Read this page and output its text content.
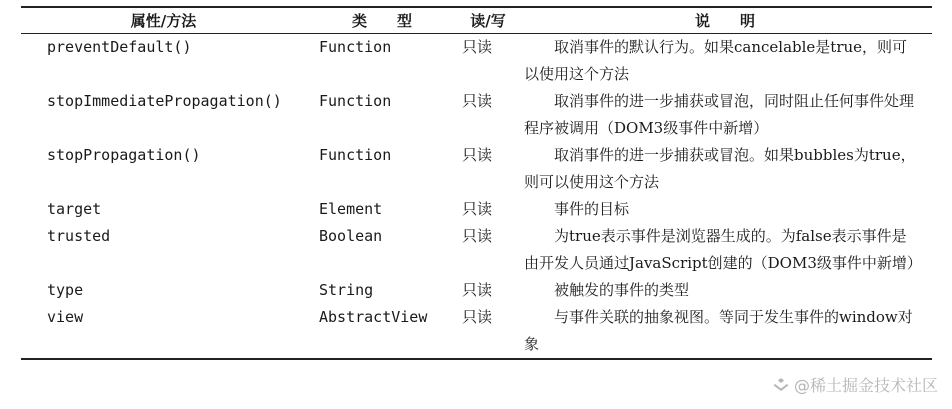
属性/方法	类　　型	读/写	说　　明
preventDefault()	Function	只读	取消事件的默认行为。如果cancelable是true，则可以使用这个方法

stopImmediatePropagation()	Function	只读	取消事件的进一步捕获或冒泡，同时阻止任何事件处理程序被调用（DOM3级事件中新增）

stopPropagation()	Function	只读	取消事件的进一步捕获或冒泡。如果bubbles为true，则可以使用这个方法

target	Element	只读	事件的目标

trusted	Boolean	只读	为true表示事件是浏览器生成的。为false表示事件是由开发人员通过JavaScript创建的（DOM3级事件中新增）

type	String	只读	被触发的事件的类型

view	AbstractView	只读	与事件关联的抽象视图。等同于发生事件的window对象
@稀土掘金技术社区
